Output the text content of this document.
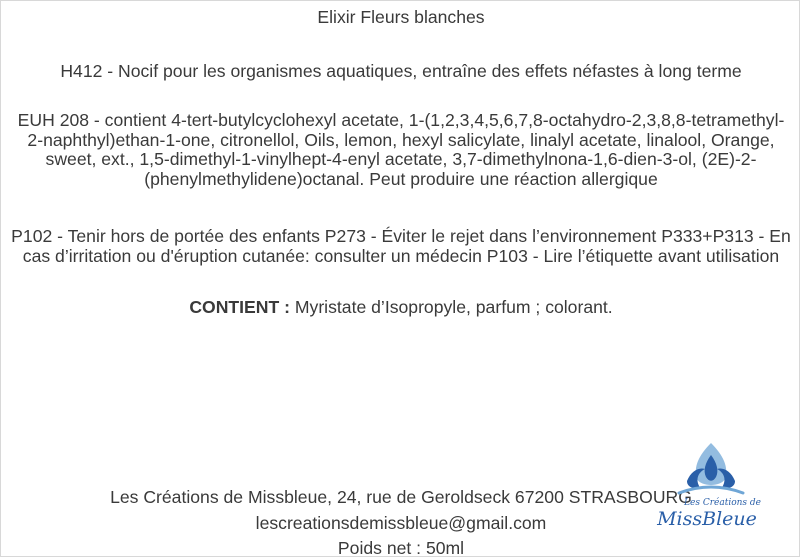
Elixir Fleurs blanches
H412 - Nocif pour les organismes aquatiques, entraîne des effets néfastes à long terme
EUH 208 - contient 4-tert-butylcyclohexyl acetate, 1-(1,2,3,4,5,6,7,8-octahydro-2,3,8,8-tetramethyl-2-naphthyl)ethan-1-one, citronellol, Oils, lemon, hexyl salicylate, linalyl acetate, linalool, Orange, sweet, ext., 1,5-dimethyl-1-vinylhept-4-enyl acetate, 3,7-dimethylnona-1,6-dien-3-ol, (2E)-2-(phenylmethylidene)octanal. Peut produire une réaction allergique
P102 - Tenir hors de portée des enfants P273 - Éviter le rejet dans l’environnement P333+P313 - En cas d’irritation ou d'éruption cutanée: consulter un médecin P103 - Lire l’étiquette avant utilisation
CONTIENT : Myristate d’Isopropyle, parfum ; colorant.
Les Créations de Missbleue, 24, rue de Geroldseck 67200 STRASBOURG
lescreationsdemissbleue@gmail.com
Poids net : 50ml
Les Créations de
MissBleue
